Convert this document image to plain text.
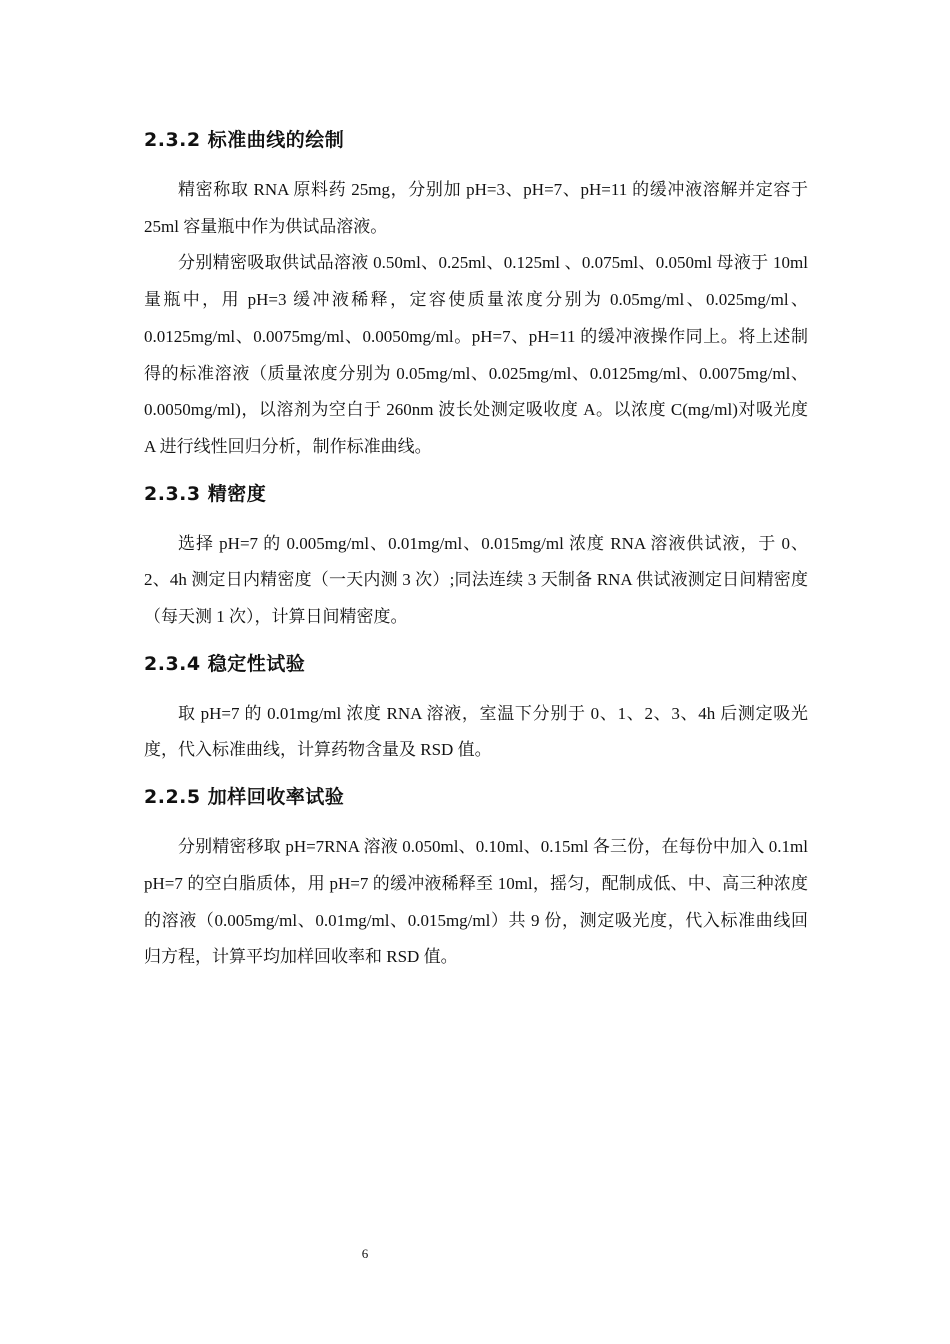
2.3.2 标准曲线的绘制

精密称取 RNA 原料药 25mg，分别加 pH=3、pH=7、pH=11 的缓冲液溶解并定容于 25ml 容量瓶中作为供试品溶液。

分别精密吸取供试品溶液 0.50ml、0.25ml、0.125ml 、0.075ml、0.050ml 母液于 10ml 量瓶中，用 pH=3 缓冲液稀释，定容使质量浓度分别为 0.05mg/ml、0.025mg/ml、0.0125mg/ml、0.0075mg/ml、0.0050mg/ml。pH=7、pH=11 的缓冲液操作同上。将上述制得的标准溶液（质量浓度分别为 0.05mg/ml、0.025mg/ml、0.0125mg/ml、0.0075mg/ml、0.0050mg/ml)，以溶剂为空白于 260nm 波长处测定吸收度 A。以浓度 C(mg/ml)对吸光度 A 进行线性回归分析，制作标准曲线。

2.3.3 精密度

选择 pH=7 的 0.005mg/ml、0.01mg/ml、0.015mg/ml 浓度 RNA 溶液供试液，于 0、2、4h 测定日内精密度（一天内测 3 次）;同法连续 3 天制备 RNA 供试液测定日间精密度（每天测 1 次），计算日间精密度。

2.3.4 稳定性试验

取 pH=7 的 0.01mg/ml 浓度 RNA 溶液，室温下分别于 0、1、2、3、4h 后测定吸光度，代入标准曲线，计算药物含量及 RSD 值。

2.2.5 加样回收率试验

分别精密移取 pH=7RNA 溶液 0.050ml、0.10ml、0.15ml 各三份，在每份中加入 0.1ml pH=7 的空白脂质体，用 pH=7 的缓冲液稀释至 10ml，摇匀，配制成低、中、高三种浓度的溶液（0.005mg/ml、0.01mg/ml、0.015mg/ml）共 9 份，测定吸光度，代入标准曲线回归方程，计算平均加样回收率和 RSD 值。

6
